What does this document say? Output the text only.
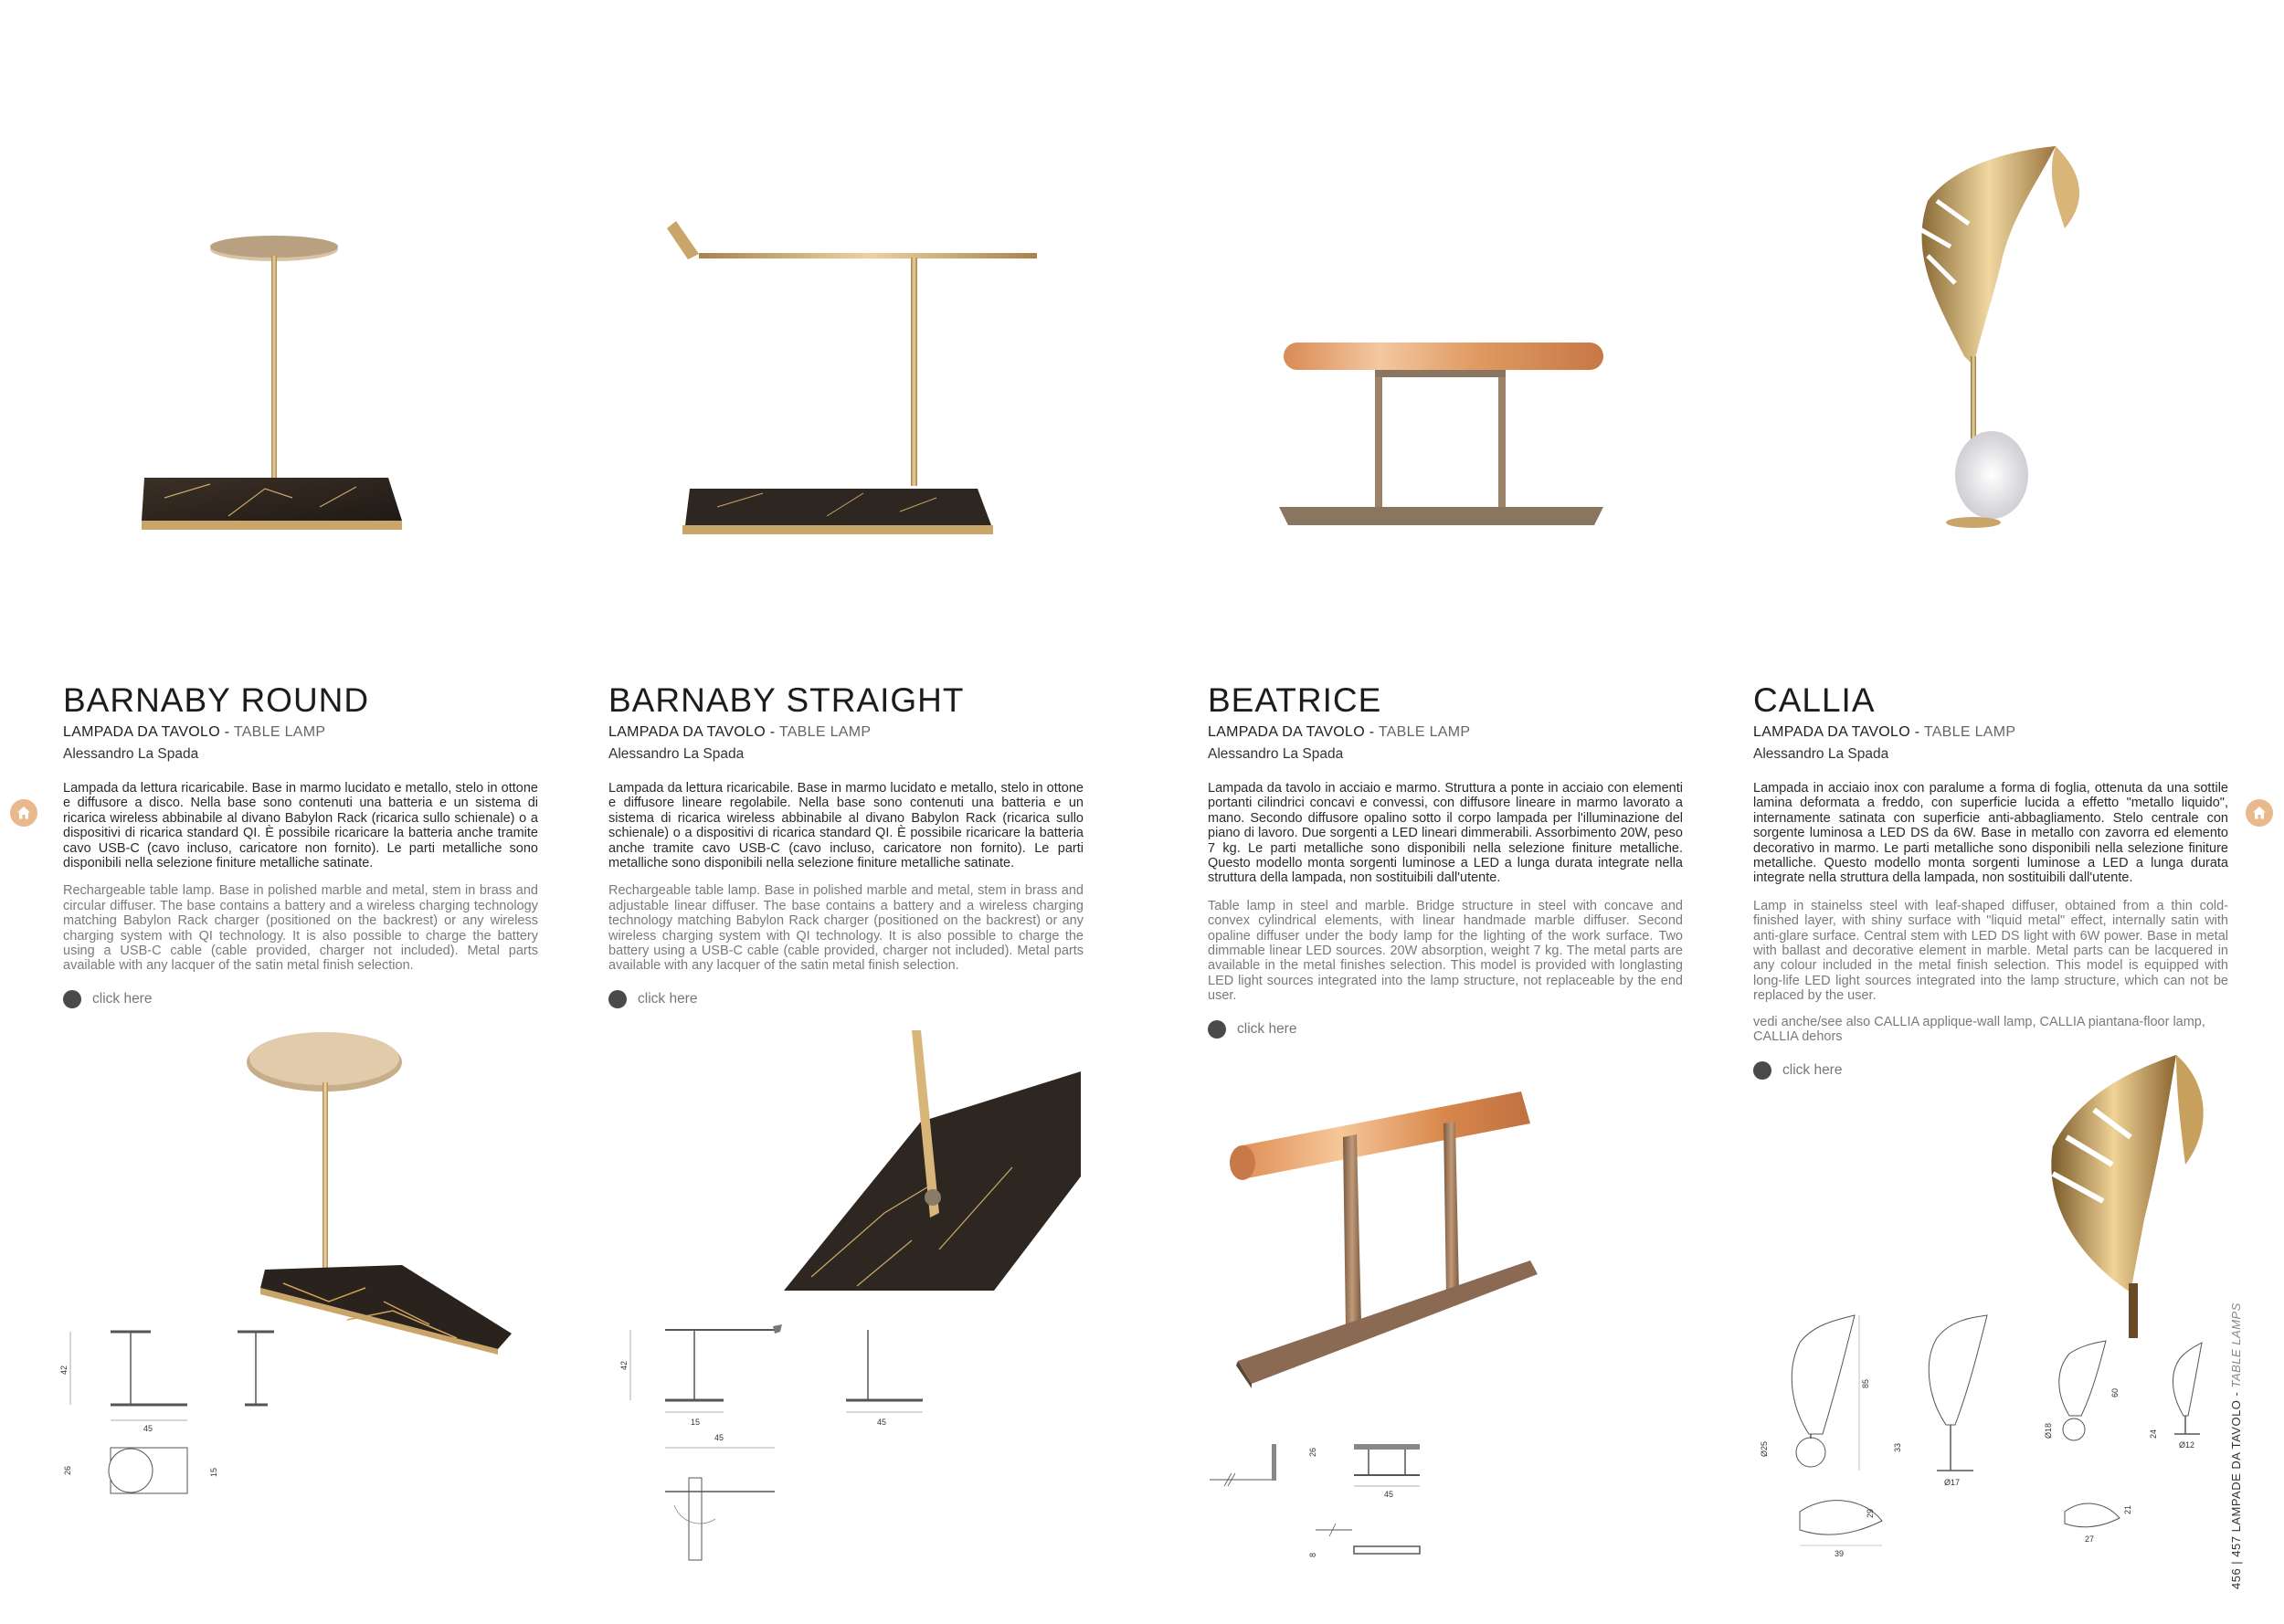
BARNABY ROUND
LAMPADA DA TAVOLO - TABLE LAMP
Alessandro La Spada
Lampada da lettura ricaricabile. Base in marmo lucidato e metallo, stelo in ottone e diffusore a disco. Nella base sono contenuti una batteria e un sistema di ricarica wireless abbinabile al divano Babylon Rack (ricarica sullo schienale) o a dispositivi di ricarica standard QI. È possibile ricaricare la batteria anche tramite cavo USB-C (cavo incluso, caricatore non fornito). Le parti metalliche sono disponibili nella selezione finiture metalliche satinate.
Rechargeable table lamp. Base in polished marble and metal, stem in brass and circular diffuser. The base contains a battery and a wireless charging technology matching Babylon Rack charger (positioned on the backrest) or any wireless charging system with QI technology. It is also possible to charge the battery using a USB-C cable (cable provided, charger not included). Metal parts available with any lacquer of the satin metal finish selection.
click here
BARNABY STRAIGHT
LAMPADA DA TAVOLO - TABLE LAMP
Alessandro La Spada
Lampada da lettura ricaricabile. Base in marmo lucidato e metallo, stelo in ottone e diffusore lineare regolabile. Nella base sono contenuti una batteria e un sistema di ricarica wireless abbinabile al divano Babylon Rack (ricarica sullo schienale) o a dispositivi di ricarica standard QI. È possibile ricaricare la batteria anche tramite cavo USB-C (cavo incluso, caricatore non fornito). Le parti metalliche sono disponibili nella selezione finiture metalliche satinate.
Rechargeable table lamp. Base in polished marble and metal, stem in brass and adjustable linear diffuser. The base contains a battery and a wireless charging technology matching Babylon Rack charger (positioned on the backrest) or any wireless charging system with QI technology. It is also possible to charge the battery using a USB-C cable (cable provided, charger not included). Metal parts available with any lacquer of the satin metal finish selection.
click here
BEATRICE
LAMPADA DA TAVOLO - TABLE LAMP
Alessandro La Spada
Lampada da tavolo in acciaio e marmo. Struttura a ponte in acciaio con elementi portanti cilindrici concavi e convessi, con diffusore lineare in marmo lavorato a mano. Secondo diffusore opalino sotto il corpo lampada per l'illuminazione del piano di lavoro. Due sorgenti a LED lineari dimmerabili. Assorbimento 20W, peso 7 kg. Le parti metalliche sono disponibili nella selezione finiture metalliche. Questo modello monta sorgenti luminose a LED a lunga durata integrate nella struttura della lampada, non sostituibili dall'utente.
Table lamp in steel and marble. Bridge structure in steel with concave and convex cylindrical elements, with linear handmade marble diffuser. Second opaline diffuser under the body lamp for the lighting of the work surface. Two dimmable linear LED sources. 20W absorption, weight 7 kg. The metal parts are available in the metal finishes selection. This model is provided with longlasting LED light sources integrated into the lamp structure, not replaceable by the end user.
click here
CALLIA
LAMPADA DA TAVOLO - TABLE LAMP
Alessandro La Spada
Lampada in acciaio inox con paralume a forma di foglia, ottenuta da una sottile lamina deformata a freddo, con superficie lucida a effetto "metallo liquido", internamente satinata con superficie anti-abbagliamento. Stelo centrale con sorgente luminosa a LED DS da 6W. Base in metallo con zavorra ed elemento decorativo in marmo. Le parti metalliche sono disponibili nella selezione finiture metalliche. Questo modello monta sorgenti luminose a LED a lunga durata integrate nella struttura della lampada, non sostituibili dall'utente.
Lamp in stainelss steel with leaf-shaped diffuser, obtained from a thin cold-finished layer, with shiny surface with "liquid metal" effect, internally satin with anti-glare surface. Central stem with LED DS light with 6W power. Base in metal with ballast and decorative element in marble. Metal parts can be lacquered in any colour included in the metal finish selection. This model is equipped with long-life LED light sources integrated into the lamp structure, which can not be replaced by the user.
vedi anche/see also CALLIA applique-wall lamp, CALLIA piantana-floor lamp, CALLIA dehors
click here
42
45
26	15
42
15
45
45
26
45
8
Ø25
85
33
Ø17
29
39
Ø18
60
24
Ø12
21
27	456 | 457 LAMPADE DA TAVOLO - TABLE LAMPS
